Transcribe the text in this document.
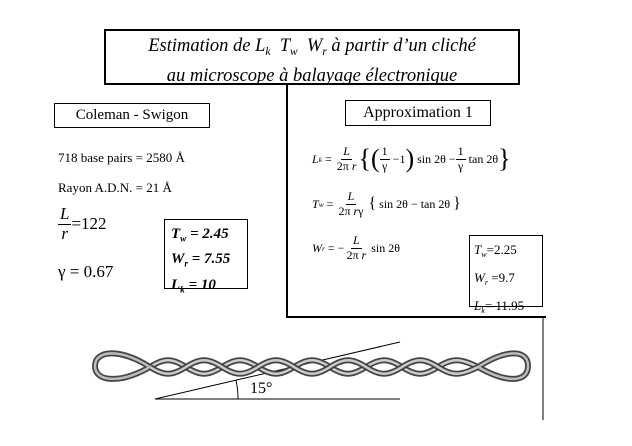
Estimation de $L_k$ $T_w$ $W_r$ à partir d’un cliché
au microscope à balayage électronique
Coleman - Swigon
718 base pairs = 2580 Å
Rayon A.D.N. = 21 Å
$\frac{L}{r} =122$
γ = 0.67
$T_w = 2.45$
$W_r = 7.55$
$L_k = 10$
Approximation 1
L $k = \frac{L}{\text{2π r}}$ { ( $\frac{1}{\gamma} -1$ ) $\sin 2\theta - \frac{1}{\gamma}$ tan 2θ }
T $w = \frac{L}{\text{2π rγ}}$
{ sin 2θ − tan 2θ }
W r = − $\frac{L}{\text{2π r}}$ sin 2θ	$T_w=2.25$
$W_r =9.7$
$L_k= 11.95$
15°
